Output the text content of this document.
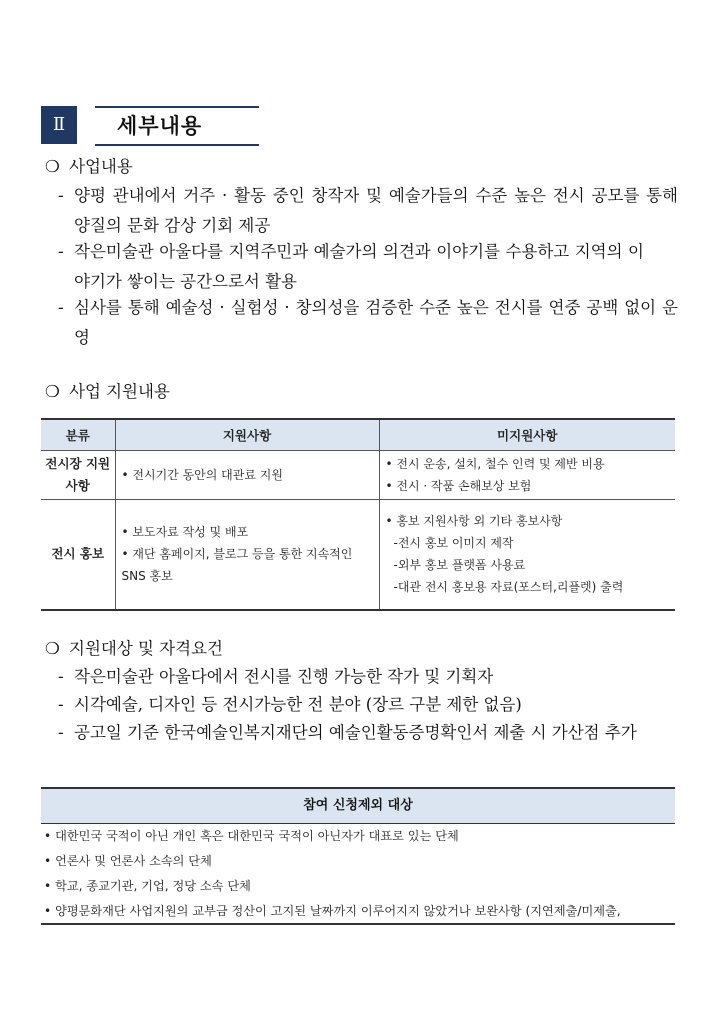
Ⅱ	세부내용
❍ 사업내용
- 양평 관내에서 거주 · 활동 중인 창작자 및 예술가들의 수준 높은 전시 공모를 통해 양질의 문화 감상 기회 제공
- 작은미술관 아울다를 지역주민과 예술가의 의견과 이야기를 수용하고 지역의 이야기가 쌓이는 공간으로서 활용
- 심사를 통해 예술성 · 실험성 · 창의성을 검증한 수준 높은 전시를 연중 공백 없이 운영
❍ 사업 지원내용
분류	지원사항	미지원사항
전시장 지원사항	• 전시기간 동안의 대관료 지원	• 전시 운송, 설치, 철수 인력 및 제반 비용
• 전시 · 작품 손해보상 보험

전시 홍보	• 보도자료 작성 및 배포
• 재단 홈페이지, 블로그 등을 통한 지속적인 SNS 홍보	• 홍보 지원사항 외 기타 홍보사항
-전시 홍보 이미지 제작
-외부 홍보 플랫폼 사용료
-대관 전시 홍보용 자료(포스터,리플렛) 출력
❍ 지원대상 및 자격요건
- 작은미술관 아울다에서 전시를 진행 가능한 작가 및 기획자
- 시각예술, 디자인 등 전시가능한 전 분야 (장르 구분 제한 없음)
- 공고일 기준 한국예술인복지재단의 예술인활동증명확인서 제출 시 가산점 추가
참여 신청제외 대상
• 대한민국 국적이 아닌 개인 혹은 대한민국 국적이 아닌자가 대표로 있는 단체
• 언론사 및 언론사 소속의 단체
• 학교, 종교기관, 기업, 정당 소속 단체
• 양평문화재단 사업지원의 교부금 정산이 고지된 날짜까지 이루어지지 않았거나 보완사항 (지연제출/미제출,
